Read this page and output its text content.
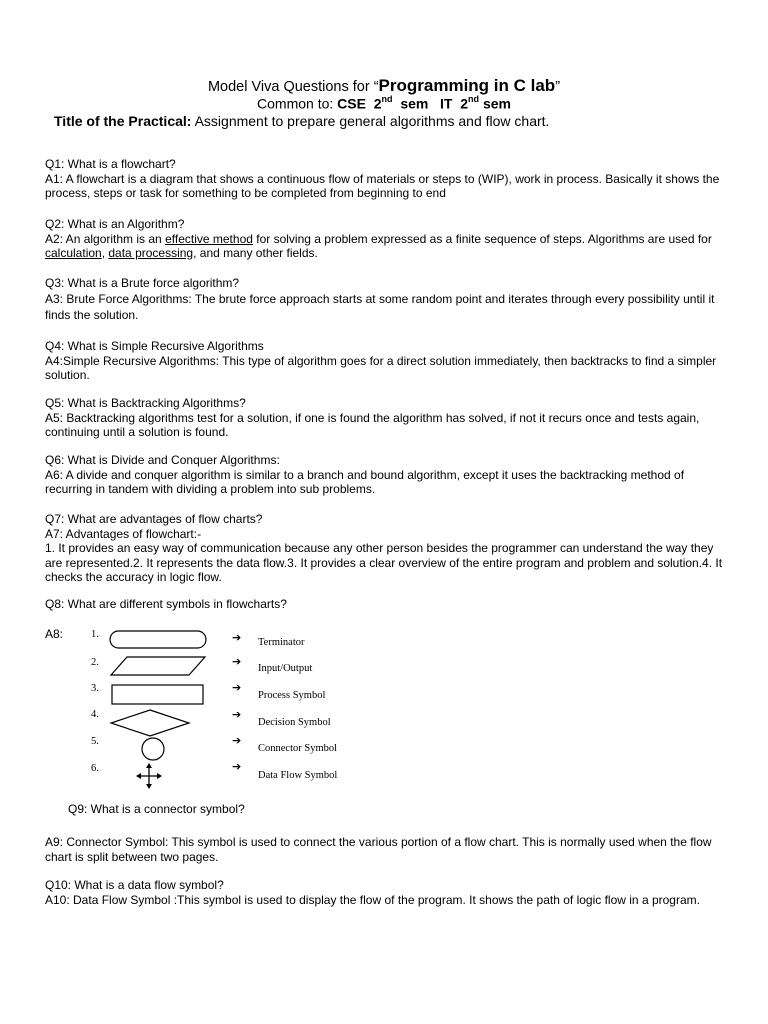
Model Viva Questions for “Programming in C lab”
Common to: CSE 2nd sem IT 2nd sem
Title of the Practical: Assignment to prepare general algorithms and flow chart.

Q1: What is a flowchart?

A1: A flowchart is a diagram that shows a continuous flow of materials or steps to (WIP), work in process. Basically it shows the process, steps or task for something to be completed from beginning to end

Q2: What is an Algorithm?

A2: An algorithm is an effective method for solving a problem expressed as a finite sequence of steps. Algorithms are used for calculation, data processing, and many other fields.

Q3: What is a Brute force algorithm?

A3: Brute Force Algorithms: The brute force approach starts at some random point and iterates through every possibility until it finds the solution.

Q4: What is Simple Recursive Algorithms

A4:Simple Recursive Algorithms: This type of algorithm goes for a direct solution immediately, then backtracks to find a simpler solution.

Q5: What is Backtracking Algorithms?

A5: Backtracking algorithms test for a solution, if one is found the algorithm has solved, if not it recurs once and tests again, continuing until a solution is found.

Q6: What is Divide and Conquer Algorithms:

A6: A divide and conquer algorithm is similar to a branch and bound algorithm, except it uses the backtracking method of recurring in tandem with dividing a problem into sub problems.

Q7: What are advantages of flow charts?

A7: Advantages of flowchart:-

1. It provides an easy way of communication because any other person besides the programmer can understand the way they are represented.2. It represents the data flow.3. It provides a clear overview of the entire program and problem and solution.4. It checks the accuracy in logic flow.

Q8: What are different symbols in flowcharts?

A8:	1.
2.
3.
4.
5.
6.
➔
➔
➔
➔
➔
➔
Terminator
Input/Output
Process Symbol
Decision Symbol
Connector Symbol
Data Flow Symbol
Q9: What is a connector symbol?
A9: Connector Symbol: This symbol is used to connect the various portion of a flow chart. This is normally used when the flow chart is split between two pages.

Q10: What is a data flow symbol?

A10: Data Flow Symbol :This symbol is used to display the flow of the program. It shows the path of logic flow in a program.
